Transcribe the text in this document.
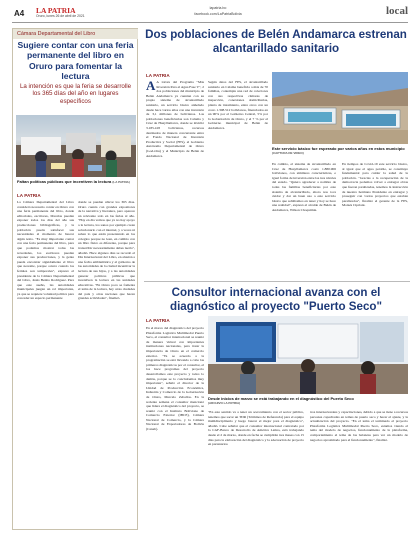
A4 LA PATRIA
Oruro, lunes 26 de abril de 2021
lapatria.bo
facebook.com/LaPatriaBolivia	local
Cámara Departamental del Libro
Sugiere contar con una feria permanente del libro en Oruro para fomentar la lectura
La intención es que la feria se desarrolle los 365 días del año en lugares específicos
Faltan políticas públicas que incentiven la lectura (LA PATRIA)
LA PATRIA
La Cámara Departamental del Libro consideró necesario contar en Oruro con una feria permanente del libro, donde editoriales, escritores, librerías puedan exponer todos los días del año sus producciones bibliográficas, y la población pueda satisfacer sus necesidades al momento de buscar algún texto. "Es muy importante contar con una feria permanente del libro, para que podamos mostrar todas las novedades, los escritores puedan exponer sus producciones, y la gente pueda encontrar siguidamente el libro que necesite, porque ocurre cuando los feriales son temporales", expresó el presidente de la Cámara Departamental del Libro, Jesús Benito Rodríguez. Para que este sueño, las autoridades municipales juegan un rol importante, ya que se requiere voluntad política para conceder un espacio permanente
donde se puedan ubicar los 365 días. Oruro cuenta con grandes expositores de la narrativa y literatura, pero aparece un relevante sólo en las ferias al año. "Hay en día vemos que ya no hay apoyo a la lectura, los sanos por ejemplo crean solucionarlo con el internet, y a veces ni saben lo que están presentando en los colegios porque no leen, en cambio con un libro físico es diferente, porque para transcribir necesariamente debes leerlo", añadió. Hace algunos días se recordó el Día Internacional del Libro, en alusión a una fecha emblemática y el gobierno de las autoridades de la ciudad incentivar la lectura de sus hijos, y a las autoridades generar políticas públicas que incentiven la lectura en las unidades educativas. "En Oruro poco se fomenta el tema de la lectura, hay otras ciudades del país y otras naciones que hacen grandes actividades", finalizó.
Dos poblaciones de Belén Andamarca estrenan alcantarillado sanitario
LA PATRIA
A A través del Programa "Más Inversión Para el Agua Fase V", 2 dos poblaciones del municipio de Belén Andamarca ya cuentan con su propio sistema de alcantarillado sanitario, un servicio básico anhelado desde hace varios años con una inversión de 3,1 millones de bolivianos. Las poblaciones beneficiarias son Calama y Cruz de Huayllamarca, donde se invirtió 3.185.418 bolivianos, recursos destinados de manera concurrente entre el Fondo Nacional de Inversión Productiva y Social (FPS), el Gobierno Autónomo Departamental de Oruro (God-Oru) y el Municipio de Belén de Andamarca.
Según datos del FPS, el alcantarillado sanitario en Calama beneficia a más de 70 familias, contempla una red de colectores con sus respectivas cámaras de inspección, conexiones domiciliarias, planta de tratamiento, entre otros con un costo 1.308.512 bolivianos, financiados en un 90% por el Gobierno Central, 5% por la Gobernación de Oruro, y el 7 % por el Gobierno municipal de Belén de Andamarca.
Este servicio básico fue esperado por varios años en estos municipio
(CAPTURA DE VIDEO)
En cambio, el sistema de alcantarillado en Cruz de Huayllamarca costó 1.880.906 bolivianos, con similares características, e igual forma de inversión entre las tres niveles del estado. "Quiero agradecer a nombre de todas las familias beneficiarias por este sistema de alcantarillado, ahora nos toca cuidar y dar un buen uso a este servicio básico que soñábamos en tener y hoy se hace una realidad", expresó el alcalde de Belén de Andamarca, Wilson Choquimia.
En tiempos de Covid-19 este servicio básico, al igual que el agua potable, se constituye fundamental para cuidar la salud de la población. "Gracias a la recuperación de la democracia podemos volver a entregar obras que fueron paralizadas, tenemos la instrucción de nuestro hermano Presidente en entregar y proseguir con varios proyectos que estaban paralizados", finalizó el gerente de la FPS, Moisés Cipriani.
Consultor internacional avanza con el diagnóstico al proyecto "Puerto Seco"
LA PATRIA
En el marco del diagnóstico del proyecto Plataforma Logística Multimodal Puerto Seco, el consultor internacional se reunió de manera virtual con importantes instituciones nacionales, para tratar la importancia de Oruro en el comercio exterior. "Ya se acuerdo a la programación se está llevando a cabo las primeros diagnósticos por el consultor, el los hace programas del proyecto desarrollamos este proyecto y todos lo demás, porque se lo concluiremos muy importante", señaló el director de la Unidad de Producción Económica, Industria y Comercio de la Gobernación de Oruro, Marcelo Zeballos. En la reciente semana el consultor mencionó que lidera el diagnóstico del proyecto, se reunió con el Instituto Boliviano de Comercio Exterior (IBCE), Cámara Nacional de Comercio, y la Cámara Nacional de Exportadores de Bolivia (Caneb).
Desde inicios de marzo se está trabajando en el diagnóstico del Puerto Seco
(ARCHIVO LA PATRIA)
"En este sentido va a tener un acercamiento con el sector público, tenemos que sacar un TDR (Términos de Referencia) para el equipo multidisciplinario y luego buscar el mejor para el diagnóstico", añadió. Cabe señalar que el consultor internacional contratado por la CAF-Banco de Desarrollo de América Latina, está trabajando desde el 2 de marzo, donde en fecha se cumplirán tres meses con 15 días para la elaboración del diagnóstico y la adecuación de proyecto en partenarios
tros internacionales y capacitaciones, debido a que se tiene a recursos personas capacitadas en temas de puerto seco y hacer el ajuste, y la actualización del proyecto. "En el tema el terminado el proyecto Plataforma Logística Multimodal Puerto Seco, estamos viendo el tema del modelo de negocios, funcionamiento de la plataforma, comportamiento el tema de las balanzas para ver un modelo de negocios aproximado para el funcionamiento", finalizó.
